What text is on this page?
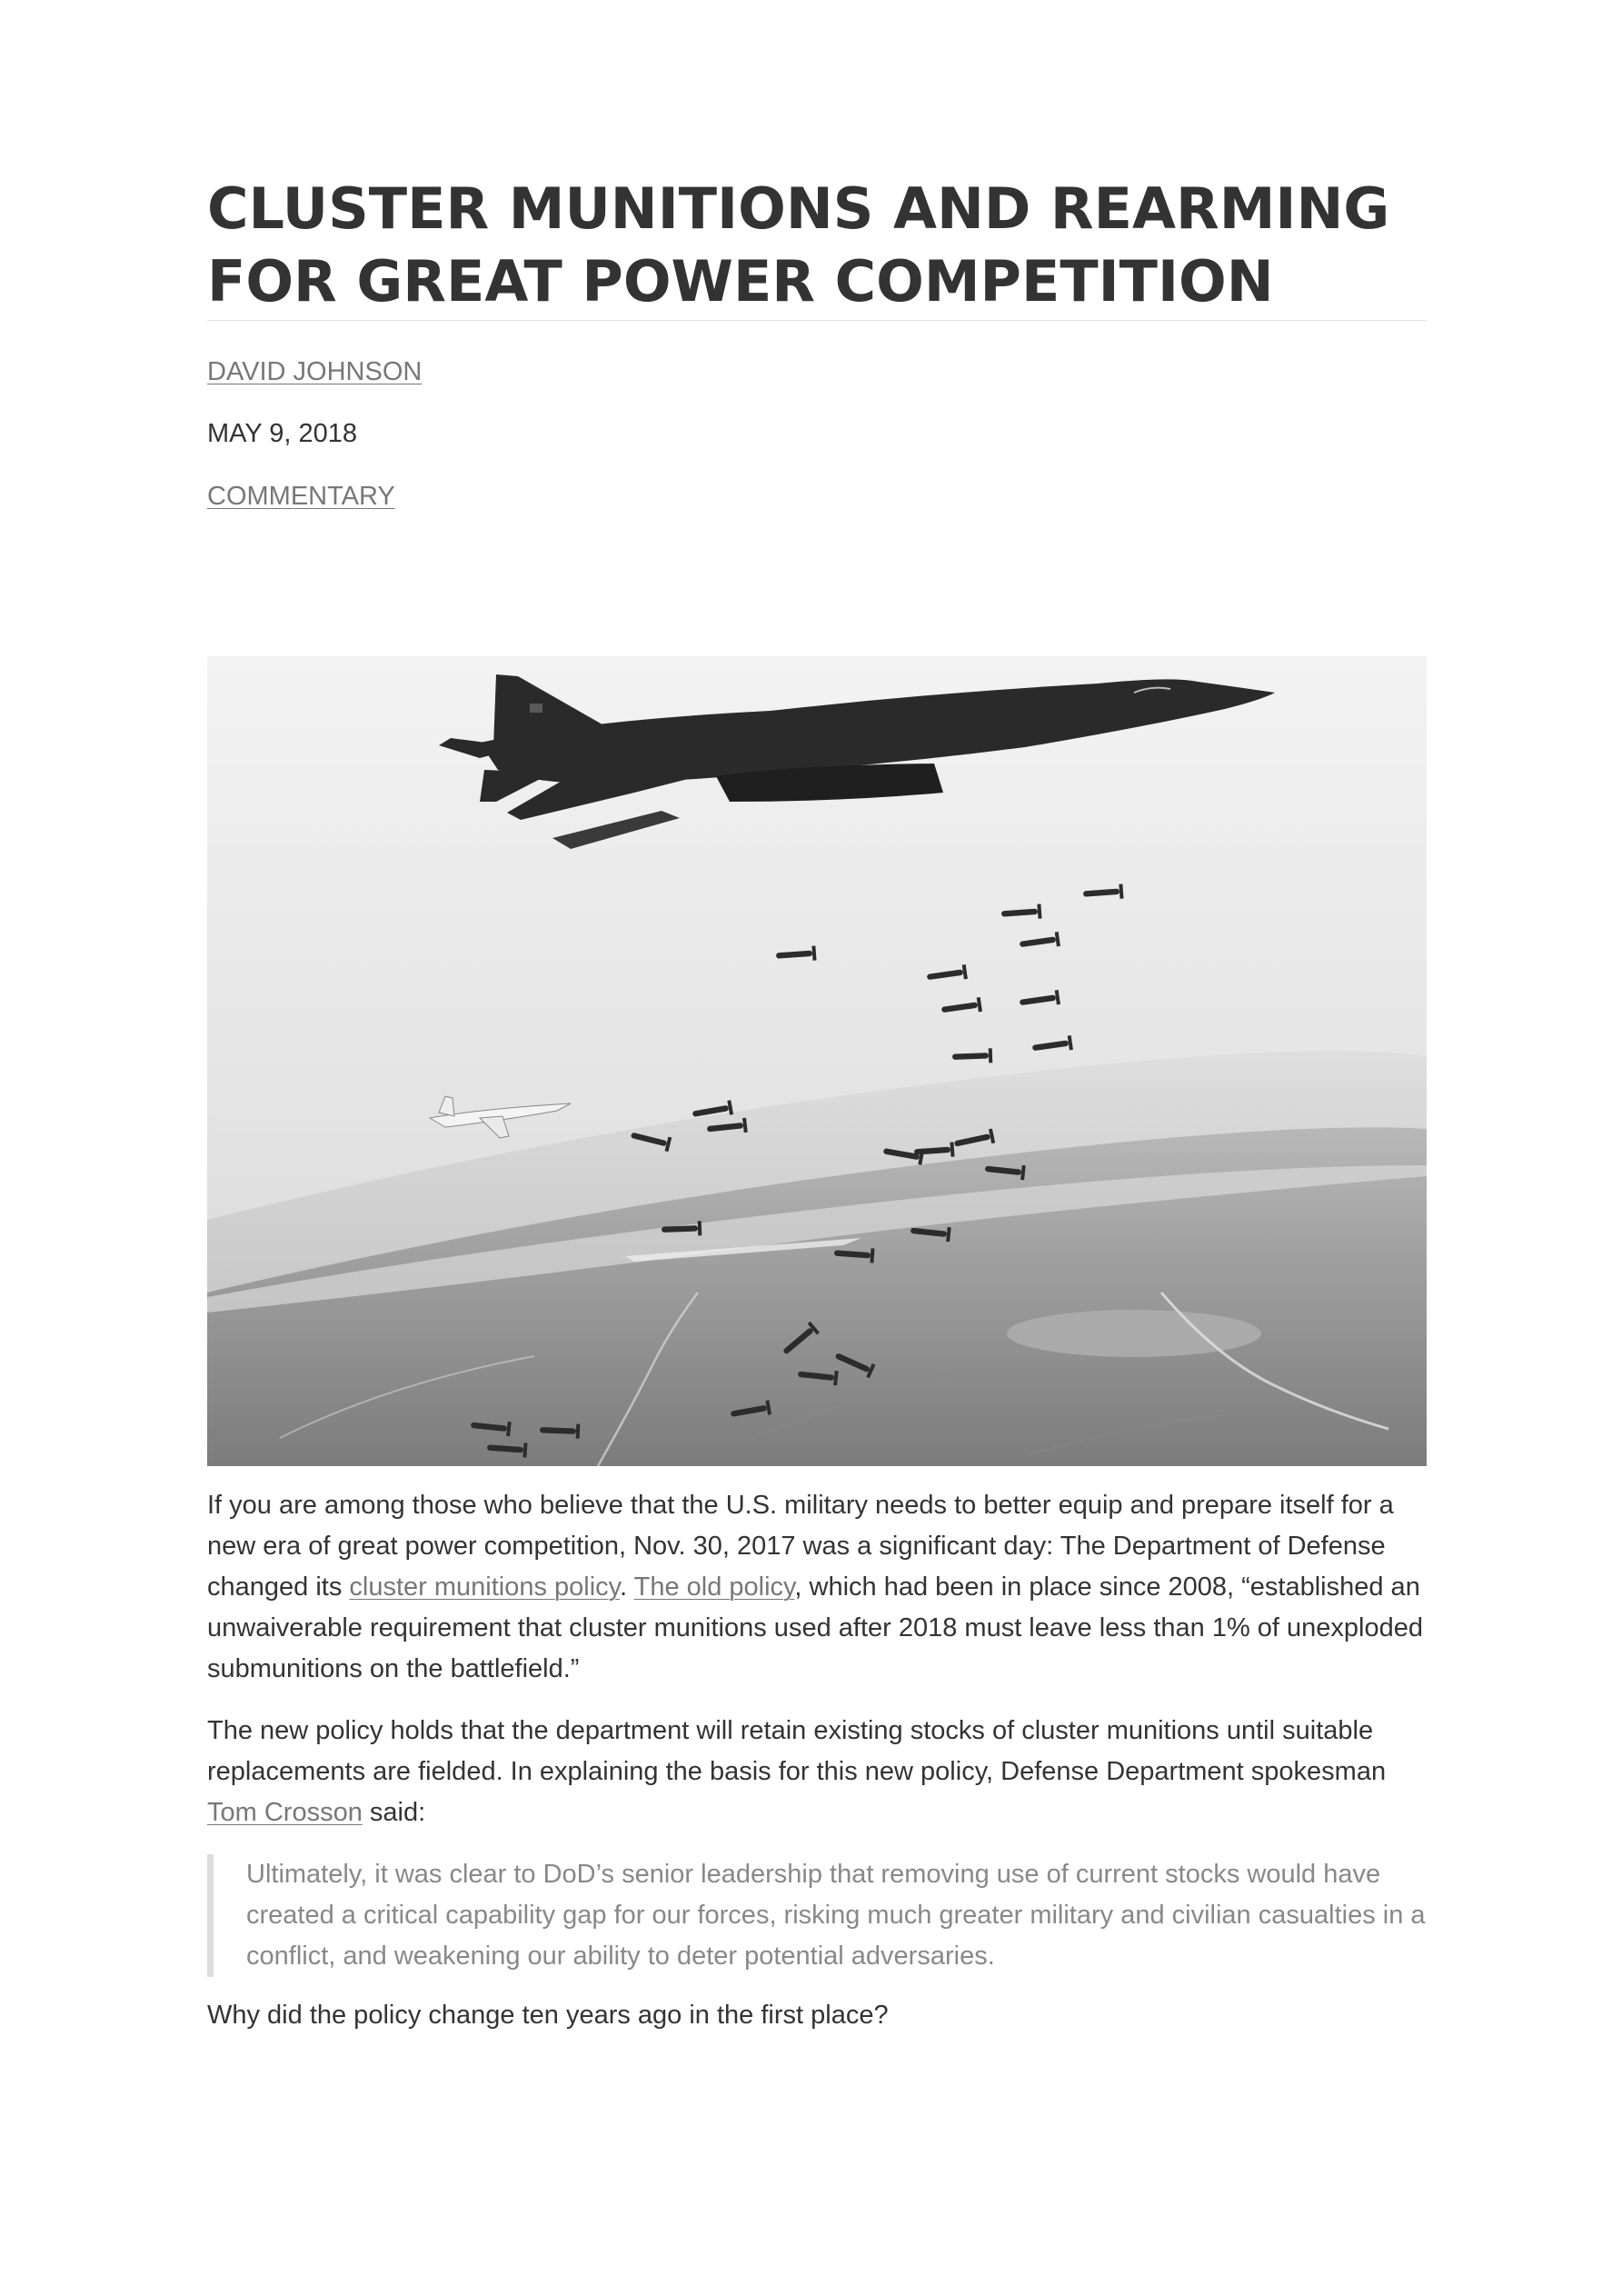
CLUSTER MUNITIONS AND REARMING
FOR GREAT POWER COMPETITION

DAVID JOHNSON

MAY 9, 2018

COMMENTARY

If you are among those who believe that the U.S. military needs to better equip and prepare itself for a new era of great power competition, Nov. 30, 2017 was a significant day: The Department of Defense changed its cluster munitions policy. The old policy, which had been in place since 2008, “established an unwaiverable requirement that cluster munitions used after 2018 must leave less than 1% of unexploded submunitions on the battlefield.”

The new policy holds that the department will retain existing stocks of cluster munitions until suitable replacements are fielded. In explaining the basis for this new policy, Defense Department spokesman Tom Crosson said:

Ultimately, it was clear to DoD’s senior leadership that removing use of current stocks would have created a critical capability gap for our forces, risking much greater military and civilian casualties in a conflict, and weakening our ability to deter potential adversaries.

Why did the policy change ten years ago in the first place?
